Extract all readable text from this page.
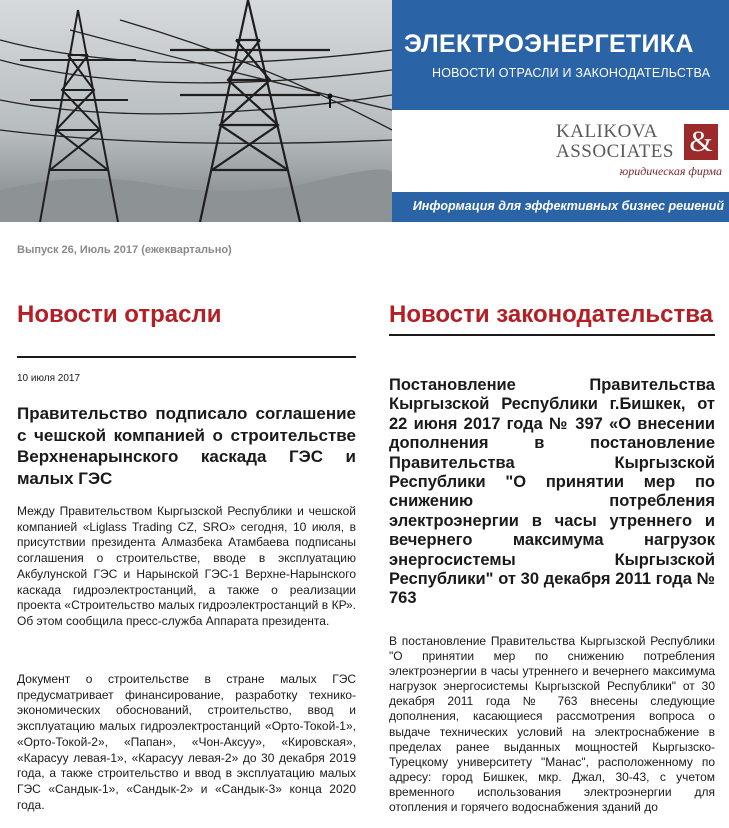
ЭЛЕКТРОЭНЕРГЕТИКА
НОВОСТИ ОТРАСЛИ И ЗАКОНОДАТЕЛЬСТВА
KALIKOVA
ASSOCIATES &
юридическая фирма
Информация для эффективных бизнес решений
Выпуск 26, Июль 2017 (ежеквартально)
Новости отрасли
10 июля 2017
Правительство подписало соглашение с чешской компанией о строительстве Верхненарынского каскада ГЭС и малых ГЭС

Между Правительством Кыргызской Республики и чешской компанией «Liglass Trading CZ, SRO» сегодня, 10 июля, в присутствии президента Алмазбека Атамбаева подписаны соглашения о строительстве, вводе в эксплуатацию Акбулунской ГЭС и Нарынской ГЭС-1 Верхне-Нарынского каскада гидроэлектростанций, а также о реализации проекта «Строительство малых гидроэлектростанций в КР». Об этом сообщила пресс-служба Аппарата президента.

Документ о строительстве в стране малых ГЭС предусматривает финансирование, разработку технико-экономических обоснований, строительство, ввод и эксплуатацию малых гидроэлектростанций «Орто-Токой-1», «Орто-Токой-2», «Папан», «Чон-Аксуу», «Кировская», «Карасуу левая-1», «Карасуу левая-2» до 30 декабря 2019 года, а также строительство и ввод в эксплуатацию малых ГЭС «Сандык-1», «Сандык-2» и «Сандык-3» конца 2020 года.

Новости законодательства
Постановление Правительства Кыргызской Республики г.Бишкек, от 22 июня 2017 года № 397 «О внесении дополнения в постановление Правительства Кыргызской Республики "О принятии мер по снижению потребления электроэнергии в часы утреннего и вечернего максимума нагрузок энергосистемы Кыргызской Республики" от 30 декабря 2011 года № 763

В постановление Правительства Кыргызской Республики "О принятии мер по снижению потребления электроэнергии в часы утреннего и вечернего максимума нагрузок энергосистемы Кыргызской Республики" от 30 декабря 2011 года № 763 внесены следующие дополнения, касающиеся рассмотрения вопроса о выдаче технических условий на электроснабжение в пределах ранее выданных мощностей Кыргызско-Турецкому университету "Манас", расположенному по адресу: город Бишкек, мкр. Джал, 30-43, с учетом временного использования электроэнергии для отопления и горячего водоснабжения зданий до
